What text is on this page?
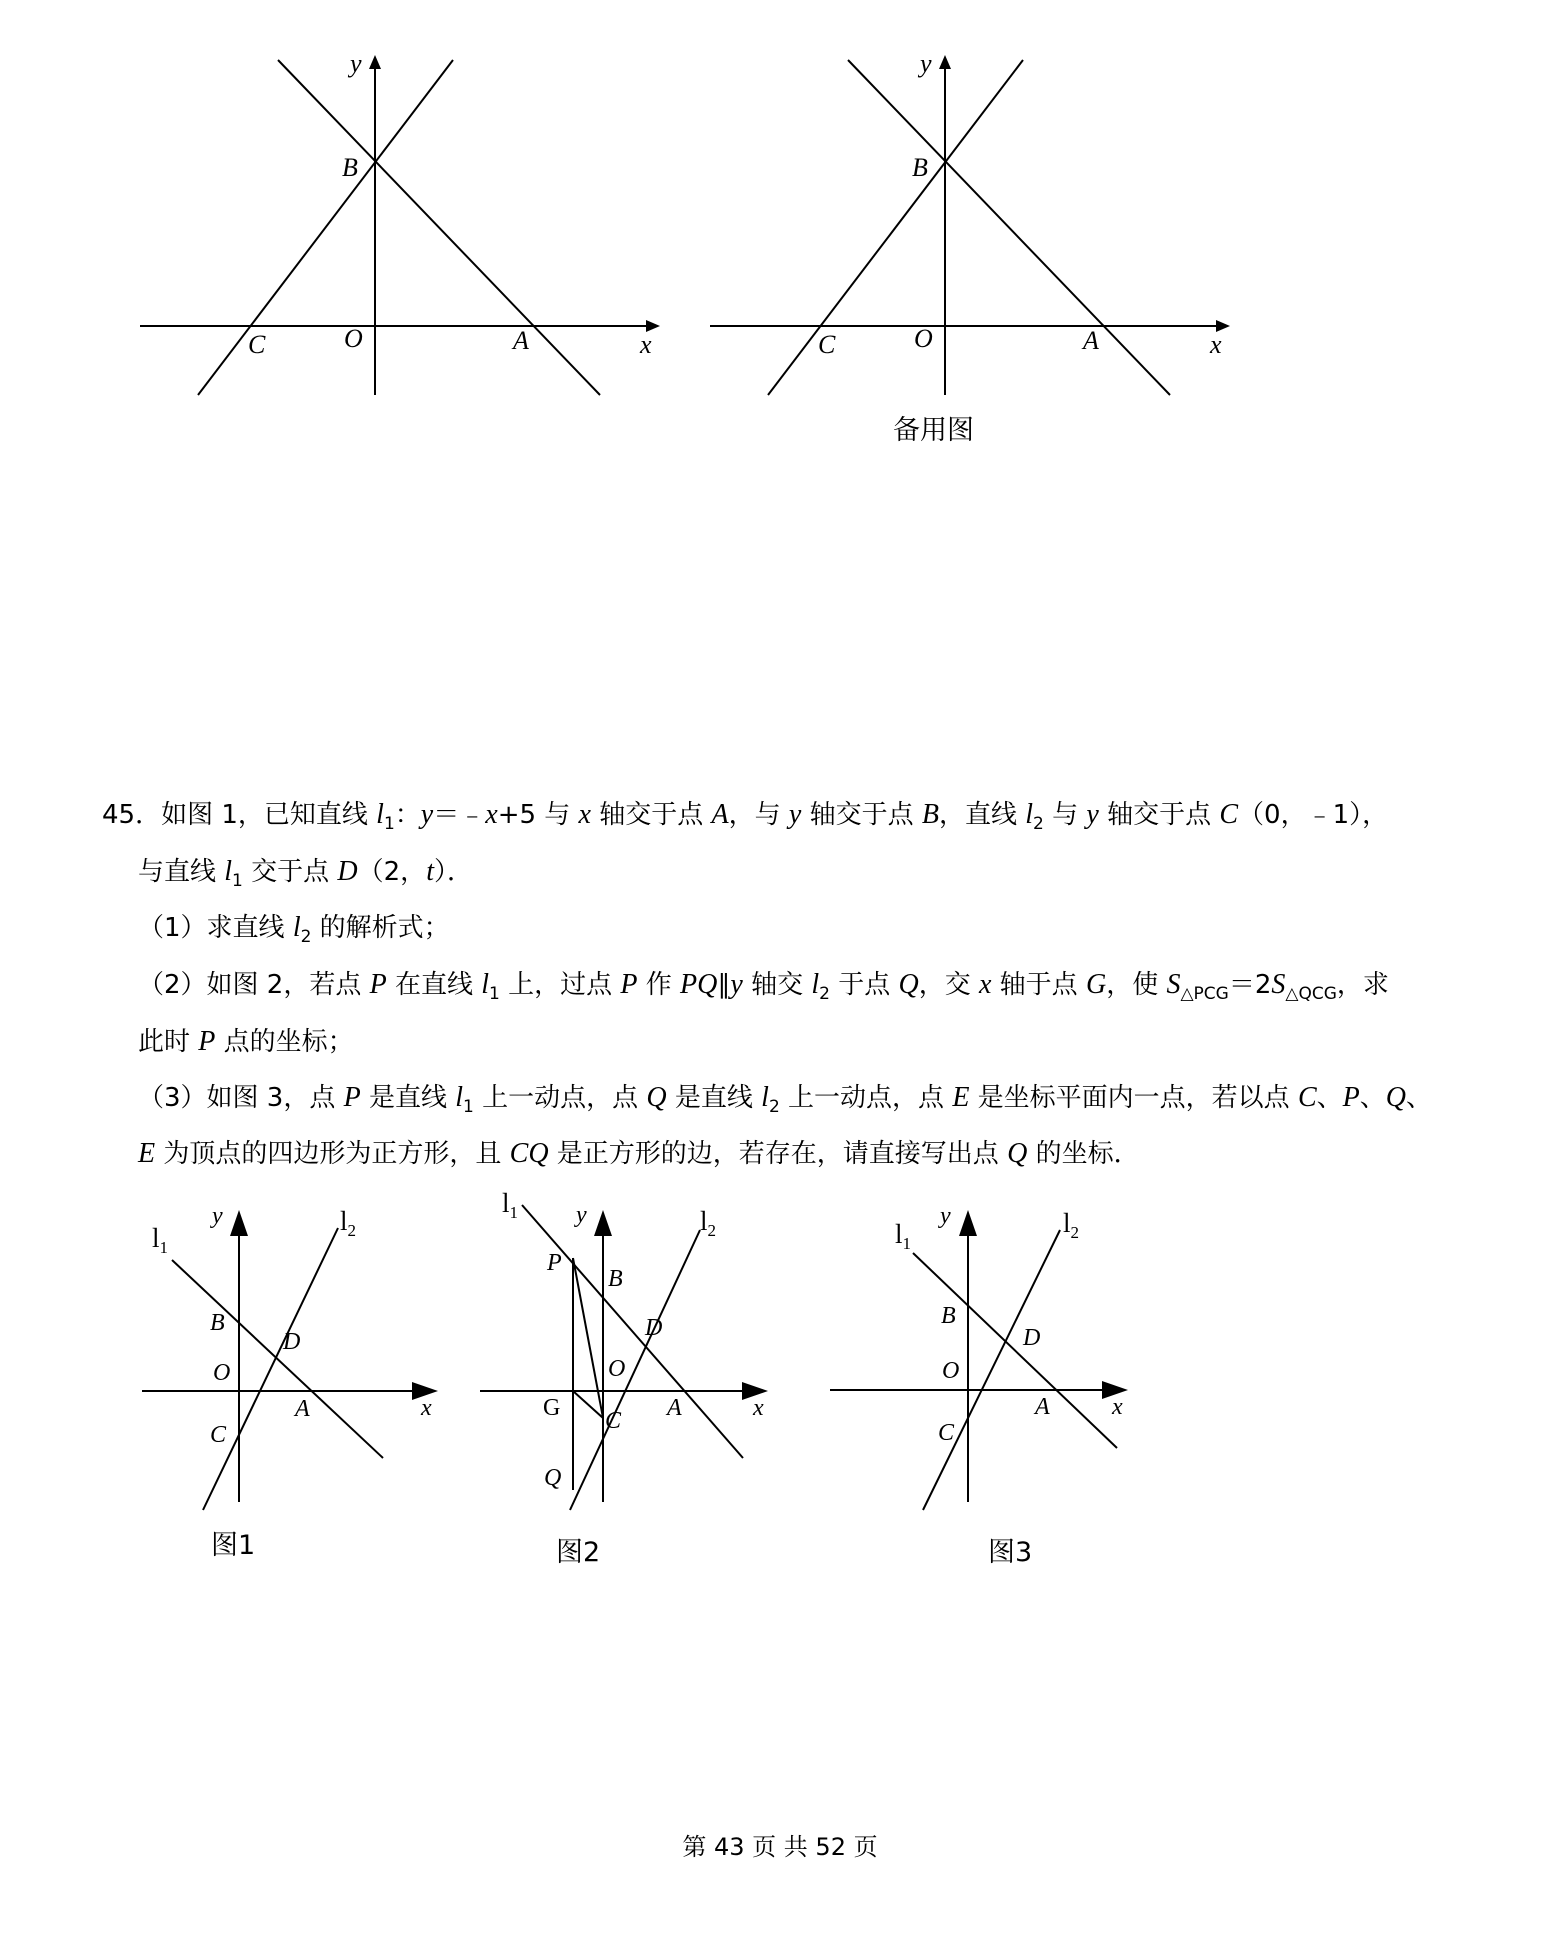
y
x
B
C	O	A
y
x
B
C	O	A
备用图
45．如图 1，已知直线 $l_1$：y＝﹣x+5 与 x 轴交于点 A，与 y 轴交于点 B，直线 $l_2$ 与 y 轴交于点 C（0，﹣1），
与直线 $l_1$ 交于点 D（2，t）．
（1）求直线 $l_2$ 的解析式；
（2）如图 2，若点 P 在直线 $l_1$ 上，过点 P 作 PQ∥y 轴交 $l_2$ 于点 Q，交 x 轴于点 G，使 $S_{\triangle PCG}=2S_{\triangle QCG}$，求
此时 P 点的坐标；
（3）如图 3，点 P 是直线 $l_1$ 上一动点，点 Q 是直线 $l_2$ 上一动点，点 E 是坐标平面内一点，若以点 C、P、Q、
E 为顶点的四边形为正方形，且 CQ 是正方形的边，若存在，请直接写出点 Q 的坐标．
$l_1$
$l_2$
y
x
B
D
O
C
A
图1
$l_1$	$l_2$
y
x
P
B
D
O
G C A
Q
图2
$l_1$
$l_2$
y
x
B
D
O
C
A
图3
第 43 页 共 52 页
